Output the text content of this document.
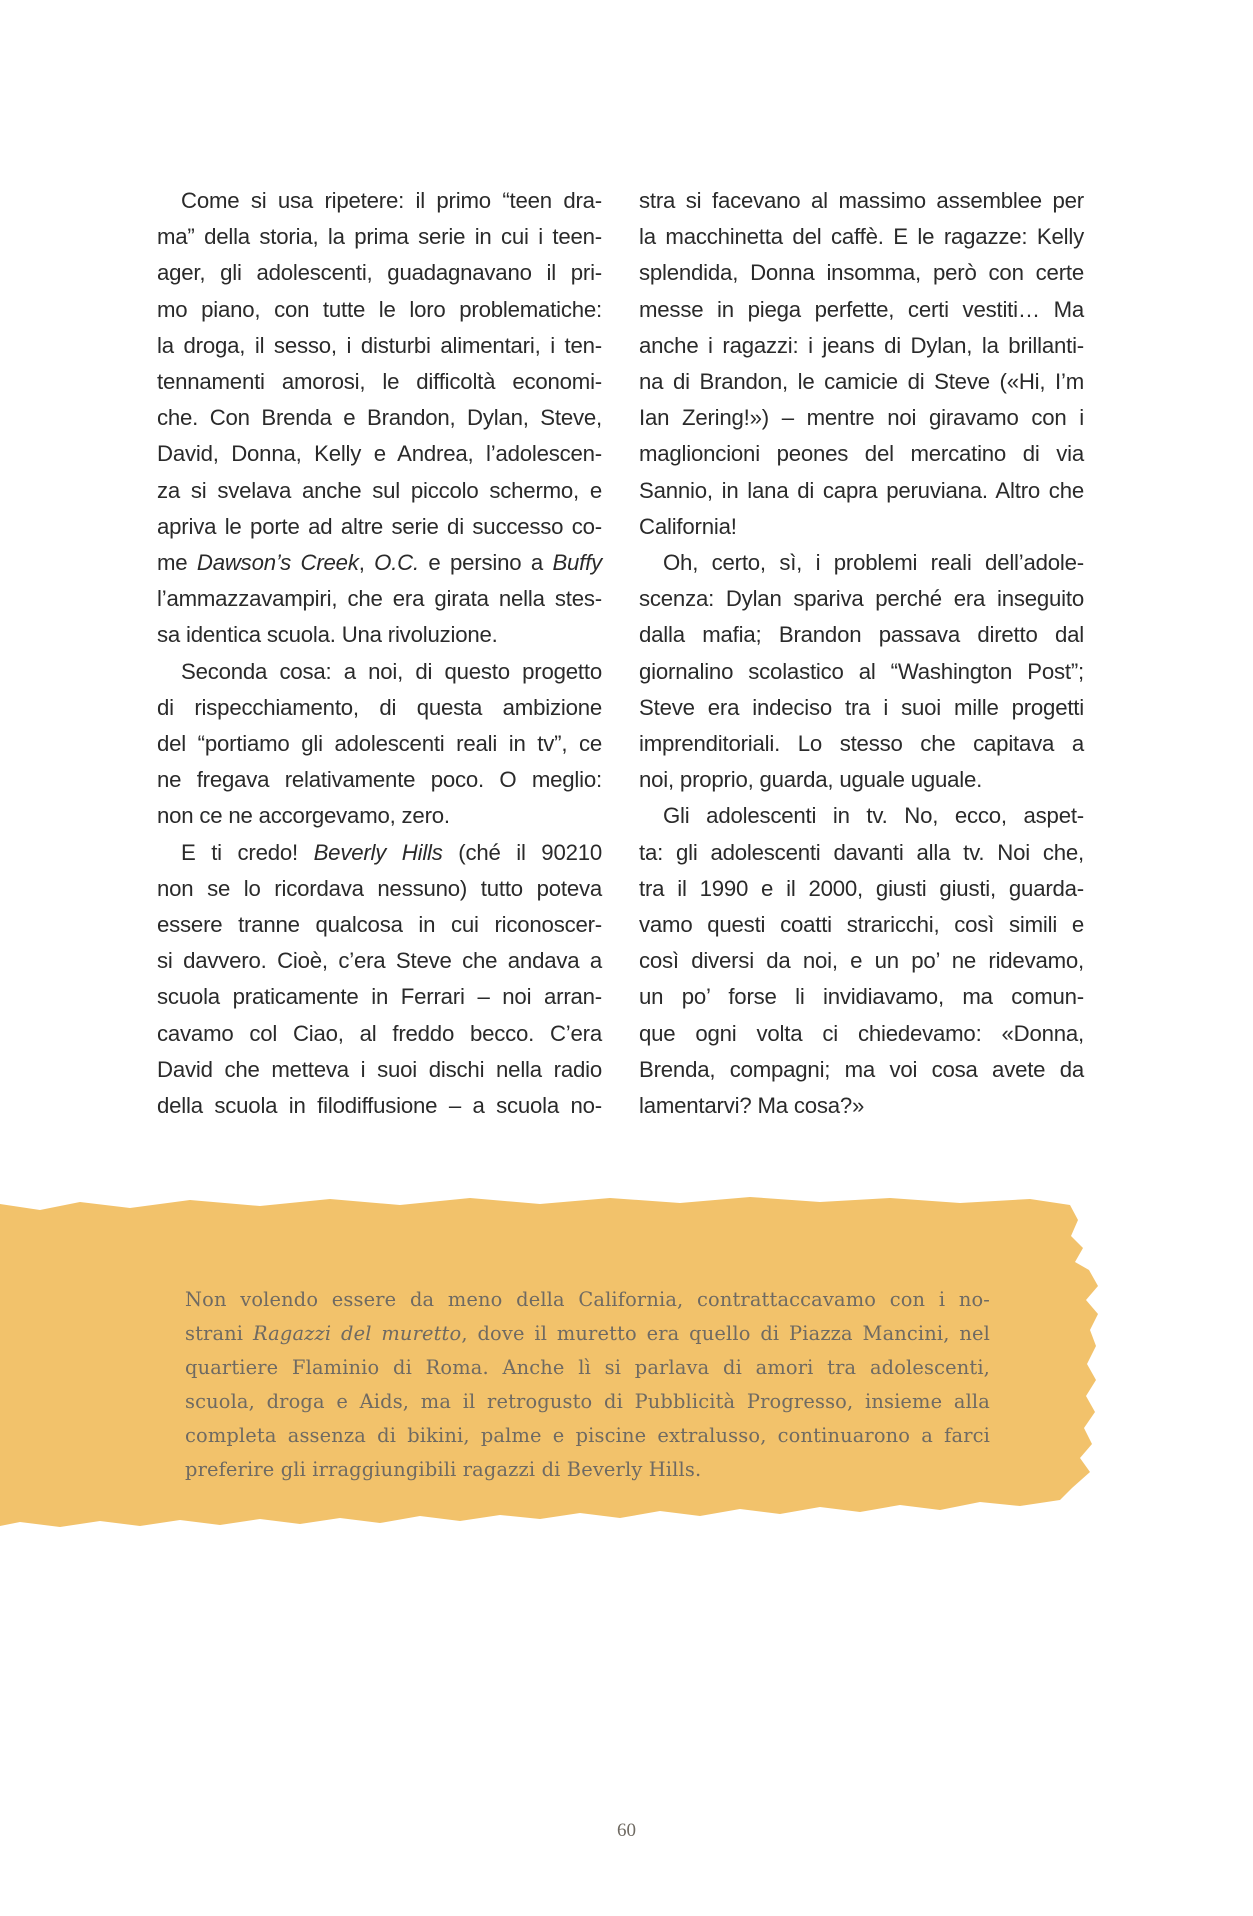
Come si usa ripetere: il primo “teen dra-
ma” della storia, la prima serie in cui i teen-
ager, gli adolescenti, guadagnavano il pri-
mo piano, con tutte le loro problematiche:
la droga, il sesso, i disturbi alimentari, i ten-
tennamenti amorosi, le difficoltà economi-
che. Con Brenda e Brandon, Dylan, Steve,
David, Donna, Kelly e Andrea, l’adolescen-
za si svelava anche sul piccolo schermo, e
apriva le porte ad altre serie di successo co-
me Dawson’s Creek, O.C. e persino a Buffy
l’ammazzavampiri, che era girata nella stes-
sa identica scuola. Una rivoluzione.
Seconda cosa: a noi, di questo progetto
di rispecchiamento, di questa ambizione
del “portiamo gli adolescenti reali in tv”, ce
ne fregava relativamente poco. O meglio:
non ce ne accorgevamo, zero.
E ti credo! Beverly Hills (ché il 90210
non se lo ricordava nessuno) tutto poteva
essere tranne qualcosa in cui riconoscer-
si davvero. Cioè, c’era Steve che andava a
scuola praticamente in Ferrari – noi arran-
cavamo col Ciao, al freddo becco. C’era
David che metteva i suoi dischi nella radio
della scuola in filodiffusione – a scuola no-
stra si facevano al massimo assemblee per
la macchinetta del caffè. E le ragazze: Kelly
splendida, Donna insomma, però con certe
messe in piega perfette, certi vestiti… Ma
anche i ragazzi: i jeans di Dylan, la brillanti-
na di Brandon, le camicie di Steve («Hi, I’m
Ian Zering!») – mentre noi giravamo con i
maglioncioni peones del mercatino di via
Sannio, in lana di capra peruviana. Altro che
California!
Oh, certo, sì, i problemi reali dell’adole-
scenza: Dylan spariva perché era inseguito
dalla mafia; Brandon passava diretto dal
giornalino scolastico al “Washington Post”;
Steve era indeciso tra i suoi mille progetti
imprenditoriali. Lo stesso che capitava a
noi, proprio, guarda, uguale uguale.
Gli adolescenti in tv. No, ecco, aspet-
ta: gli adolescenti davanti alla tv. Noi che,
tra il 1990 e il 2000, giusti giusti, guarda-
vamo questi coatti straricchi, così simili e
così diversi da noi, e un po’ ne ridevamo,
un po’ forse li invidiavamo, ma comun-
que ogni volta ci chiedevamo: «Donna,
Brenda, compagni; ma voi cosa avete da
lamentarvi? Ma cosa?»
Non volendo essere da meno della California, contrattaccavamo con i no-
strani Ragazzi del muretto, dove il muretto era quello di Piazza Mancini, nel
quartiere Flaminio di Roma. Anche lì si parlava di amori tra adolescenti,
scuola, droga e Aids, ma il retrogusto di Pubblicità Progresso, insieme alla
completa assenza di bikini, palme e piscine extralusso, continuarono a farci
preferire gli irraggiungibili ragazzi di Beverly Hills.
60
